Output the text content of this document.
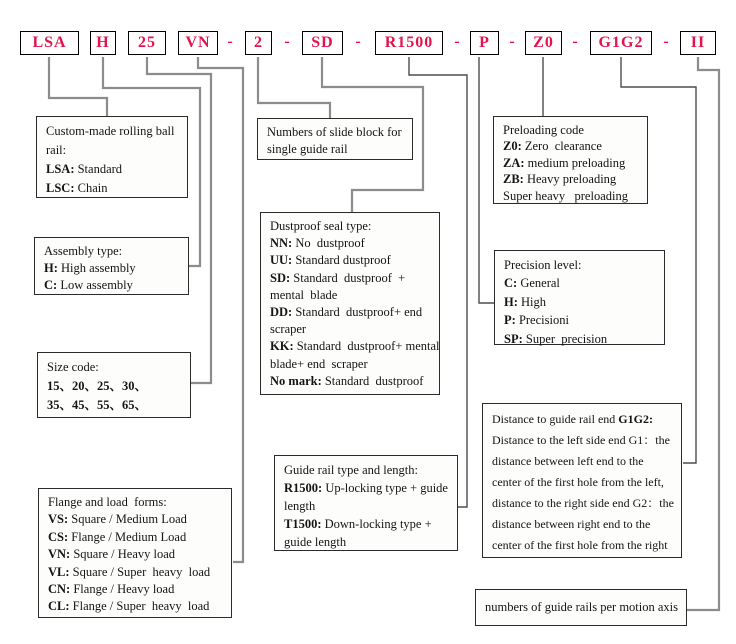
LSA H 25 VN - 2 - SD - R1500 - P - Z0 - G1G2 - II
Custom-made rolling ball
rail:
LSA: Standard
LSC: Chain
Assembly type:
H: High assembly
C: Low assembly
Size code:
15、20、25、30、
35、45、55、65、
Flange and load  forms:
VS: Square / Medium Load
CS: Flange / Medium Load
VN: Square / Heavy load
VL: Square / Super  heavy  load
CN: Flange / Heavy load
CL: Flange / Super  heavy  load
Numbers of slide block for
single guide rail
Dustproof seal type:
NN: No  dustproof
UU: Standard dustproof
SD: Standard  dustproof  +
mental  blade
DD: Standard  dustproof+ end
scraper
KK: Standard  dustproof+ mental
blade+ end  scraper
No mark: Standard  dustproof
Guide rail type and length:
R1500: Up-locking type + guide
length
T1500: Down-locking type +
guide length
Preloading code
Z0: Zero  clearance
ZA: medium preloading
ZB: Heavy preloading
Super heavy   preloading
Precision level:
C: General
H: High
P: Precisioni
SP: Super  precision
Distance to guide rail end G1G2:
Distance to the left side end G1：the
distance between left end to the
center of the first hole from the left,
distance to the right side end G2：the
distance between right end to the
center of the first hole from the right
numbers of guide rails per motion axis
